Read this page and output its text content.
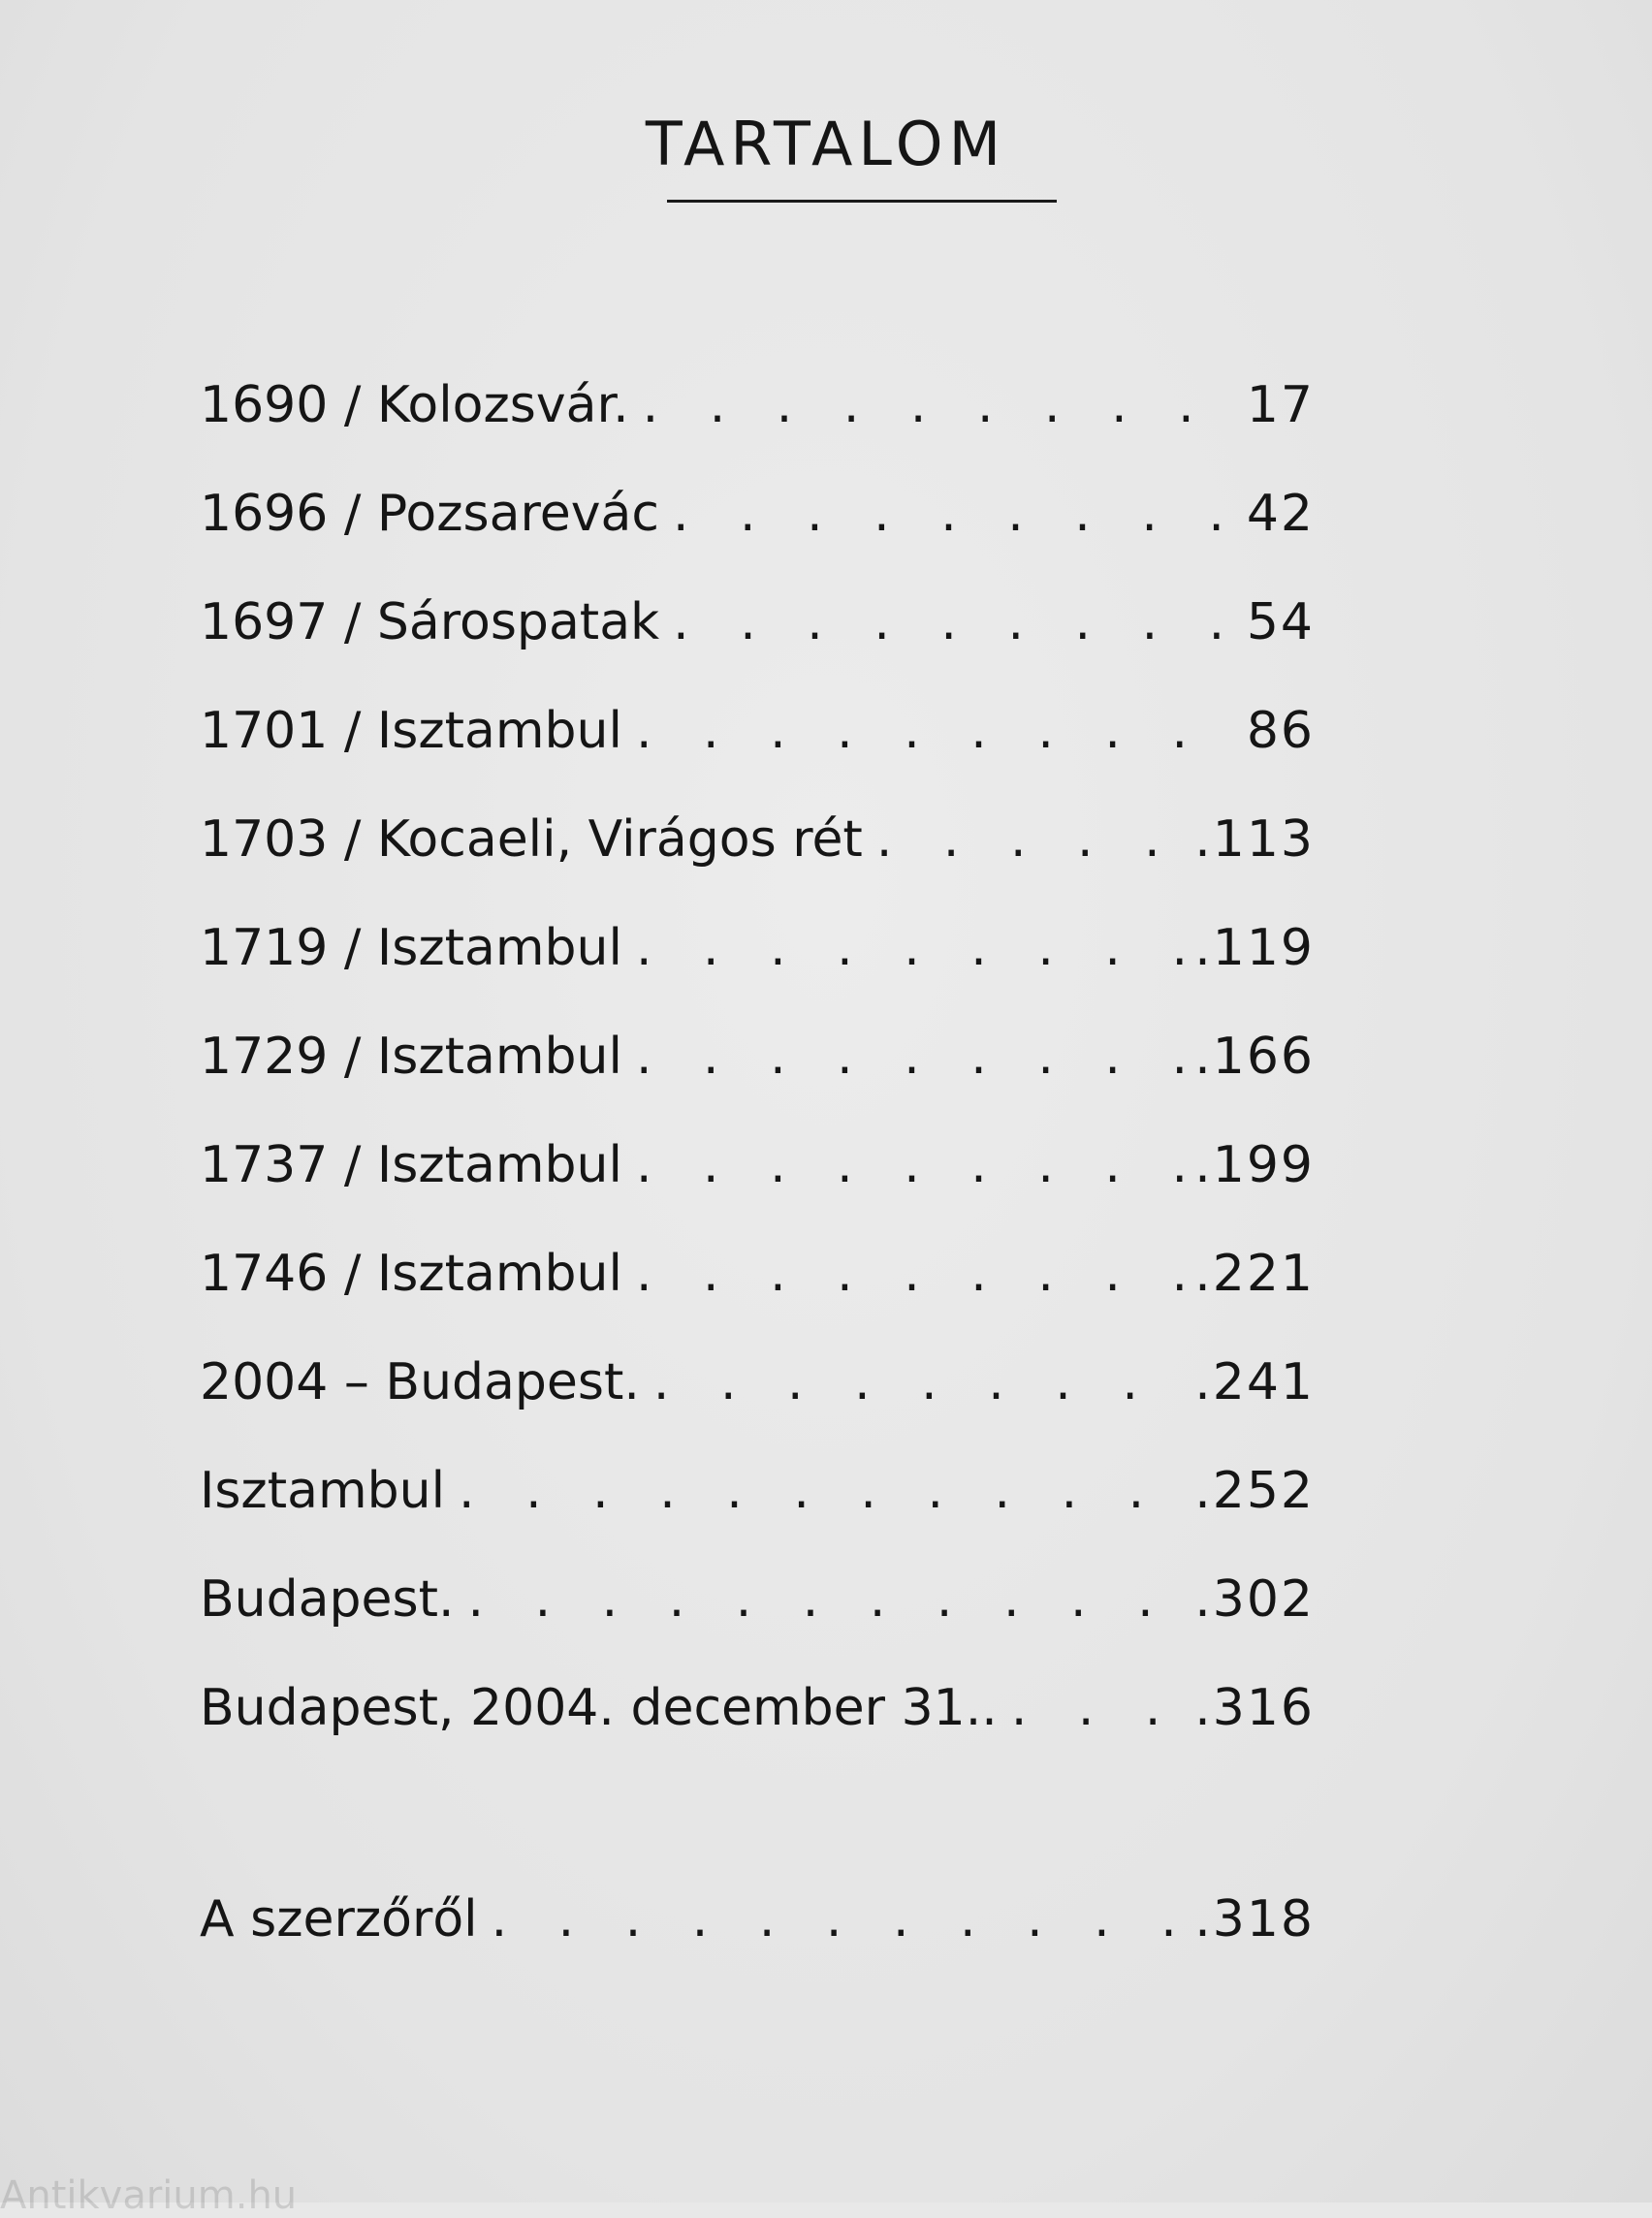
TARTALOM
1690 / Kolozsvár. . . .	17
1696 / Pozsarevác . . .	42
1697 / Sárospatak . . .	54
1701 / Isztambul . . .	86
1703 / Kocaeli, Virágos rét . . .	.113
1719 / Isztambul . . .	.119
1729 / Isztambul . . .	.166
1737 / Isztambul . . .	.199
1746 / Isztambul . . .	.221
2004 – Budapest. . . .	.241
Isztambul . . .	.252
Budapest. . . .	.302
Budapest, 2004. december 31.. . . .	.316
A szerzőről . . .	.318
Antikvarium.hu
